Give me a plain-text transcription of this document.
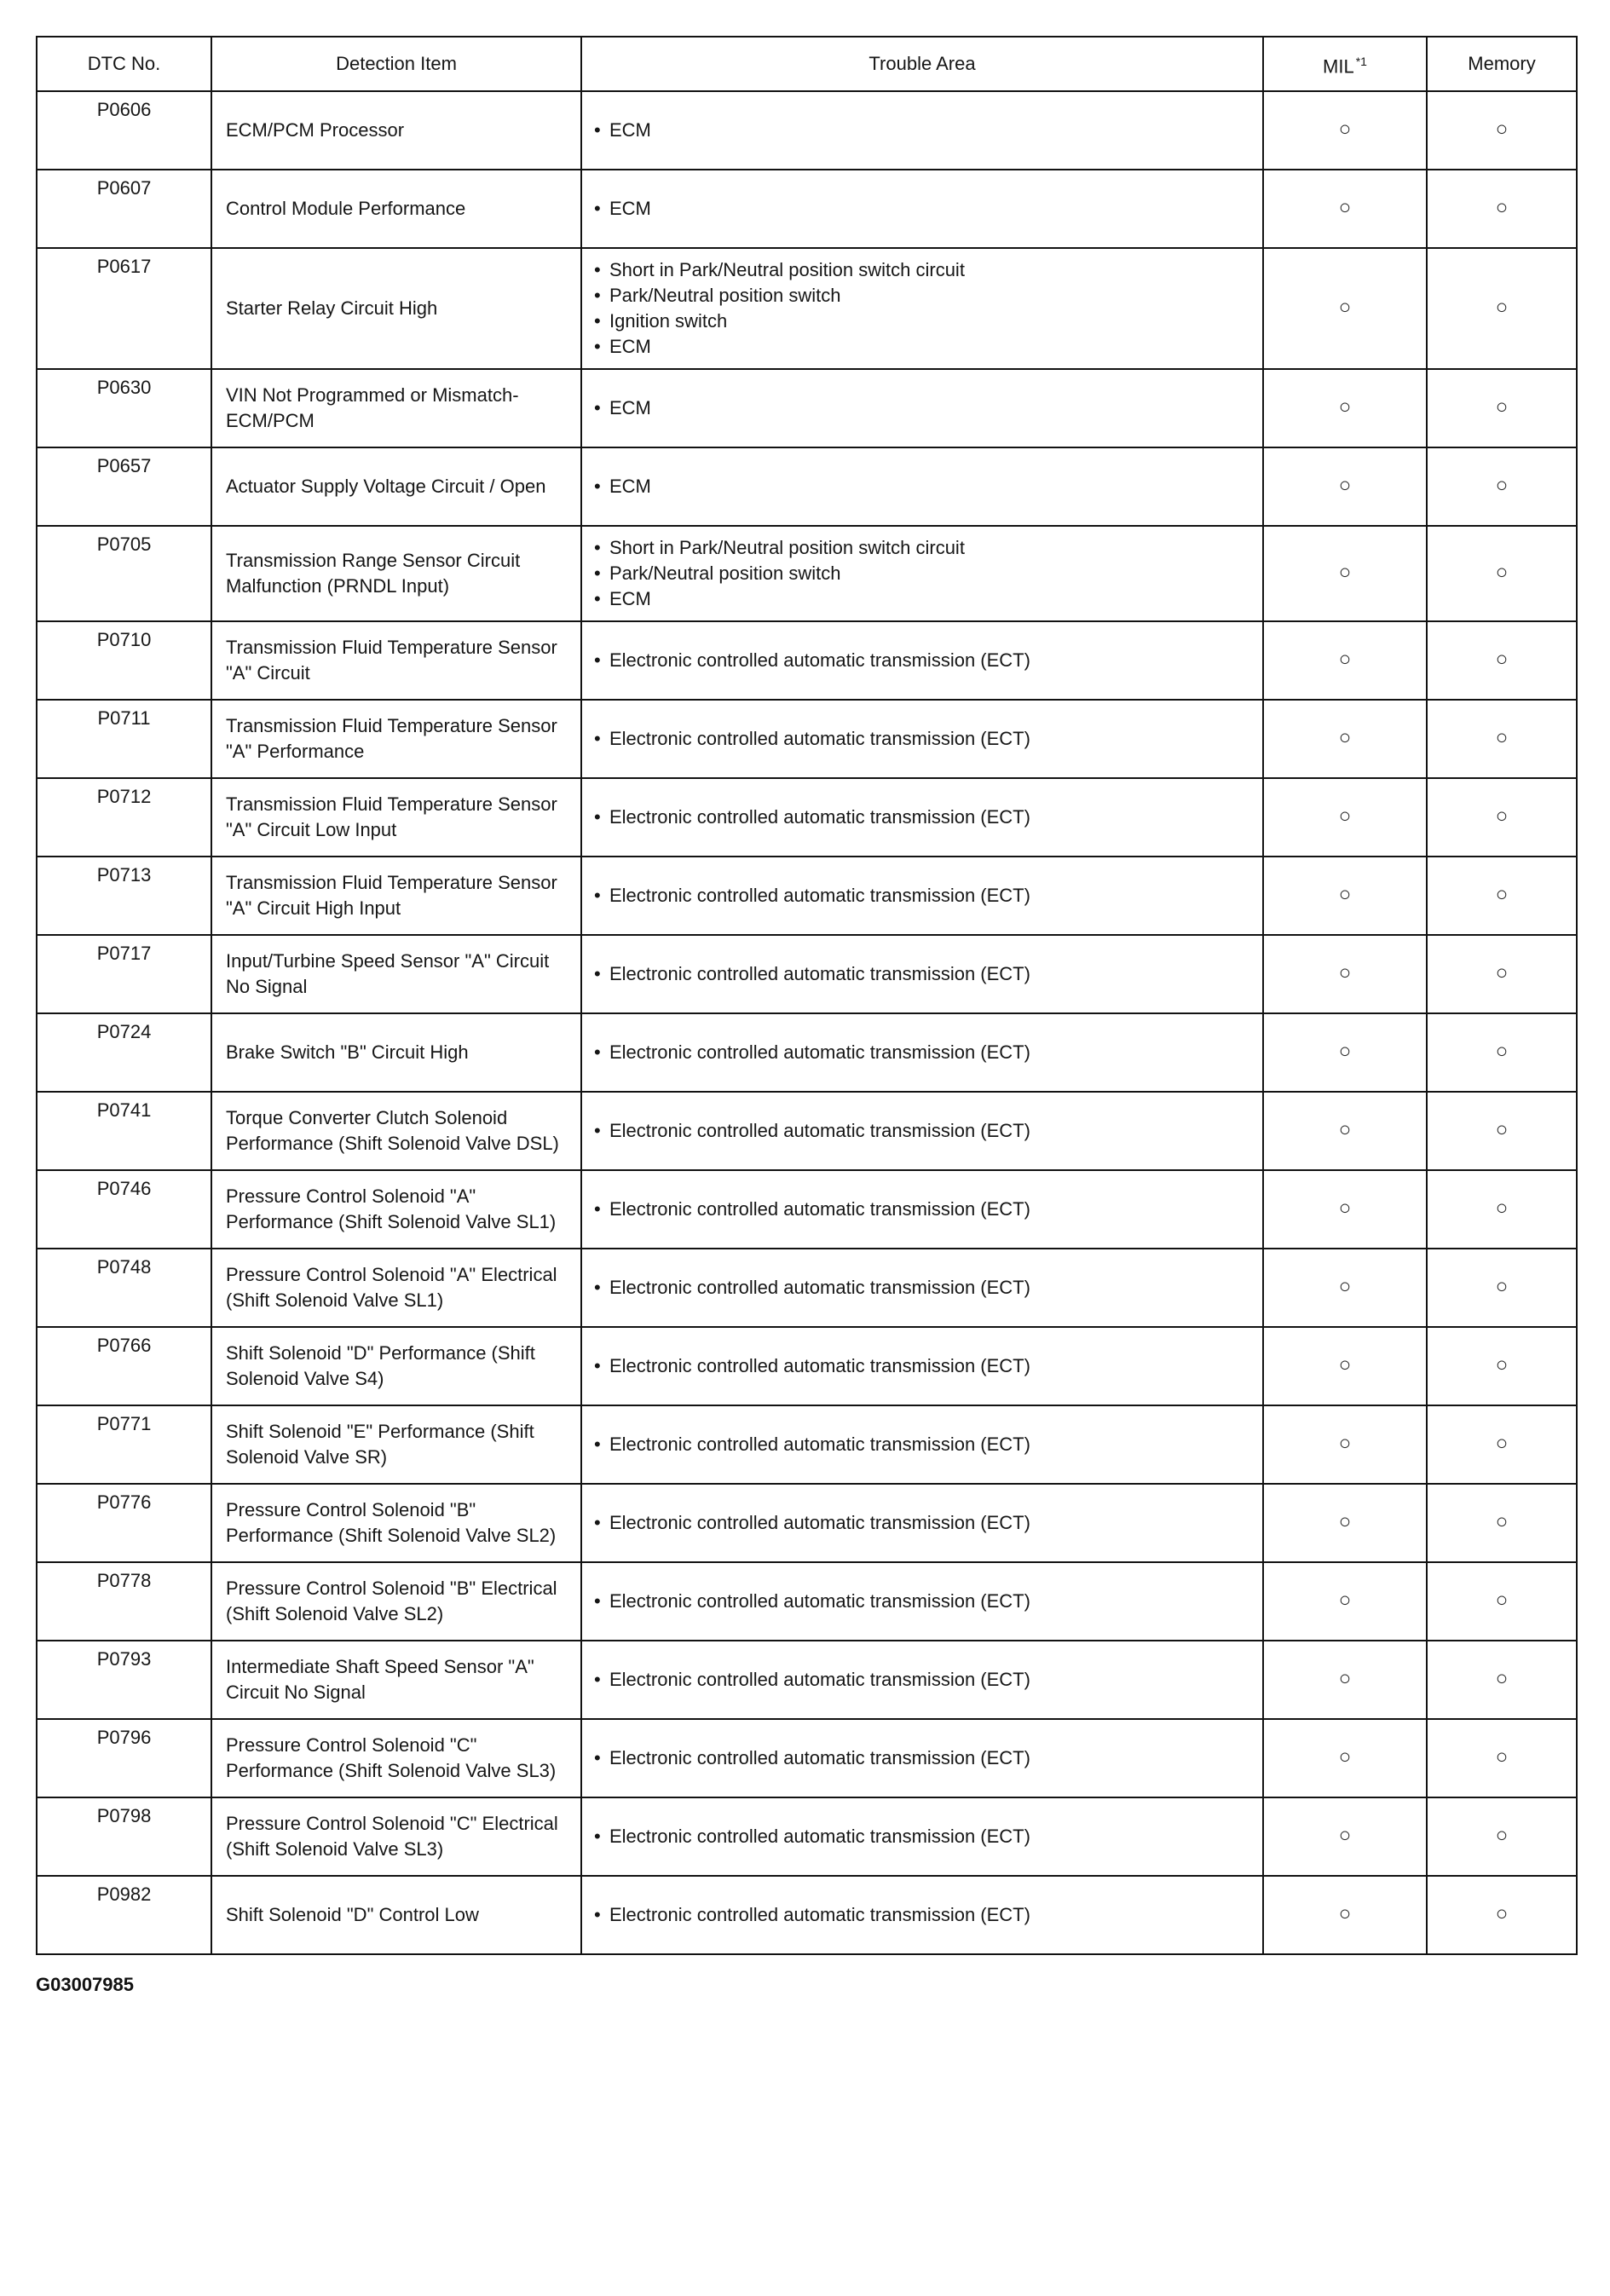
DTC No.	Detection Item	Trouble Area	MIL $^{*1}$	Memory
P0606	ECM/PCM Processor	• ECM	○	○
P0607	Control Module Performance	• ECM	○	○
P0617	Starter Relay Circuit High	• Short in Park/Neutral position switch circuit
• Park/Neutral position switch
• Ignition switch
• ECM	○	○
P0630	VIN Not Programmed or Mismatch- ECM/PCM	• ECM	○	○
P0657	Actuator Supply Voltage Circuit / Open	• ECM	○	○
P0705	Transmission Range Sensor Circuit Malfunction (PRNDL Input)	• Short in Park/Neutral position switch circuit
• Park/Neutral position switch
• ECM	○	○
P0710	Transmission Fluid Temperature Sensor "A" Circuit	• Electronic controlled automatic transmission (ECT)	○	○
P0711	Transmission Fluid Temperature Sensor "A" Performance	• Electronic controlled automatic transmission (ECT)	○	○
P0712	Transmission Fluid Temperature Sensor "A" Circuit Low Input	• Electronic controlled automatic transmission (ECT)	○	○
P0713	Transmission Fluid Temperature Sensor "A" Circuit High Input	• Electronic controlled automatic transmission (ECT)	○	○
P0717	Input/Turbine Speed Sensor "A" Circuit No Signal	• Electronic controlled automatic transmission (ECT)	○	○
P0724	Brake Switch "B" Circuit High	• Electronic controlled automatic transmission (ECT)	○	○
P0741	Torque Converter Clutch Solenoid Performance (Shift Solenoid Valve DSL)	• Electronic controlled automatic transmission (ECT)	○	○
P0746	Pressure Control Solenoid "A" Performance (Shift Solenoid Valve SL1)	• Electronic controlled automatic transmission (ECT)	○	○
P0748	Pressure Control Solenoid "A" Electrical (Shift Solenoid Valve SL1)	• Electronic controlled automatic transmission (ECT)	○	○
P0766	Shift Solenoid "D" Performance (Shift Solenoid Valve S4)	• Electronic controlled automatic transmission (ECT)	○	○
P0771	Shift Solenoid "E" Performance (Shift Solenoid Valve SR)	• Electronic controlled automatic transmission (ECT)	○	○
P0776	Pressure Control Solenoid "B" Performance (Shift Solenoid Valve SL2)	• Electronic controlled automatic transmission (ECT)	○	○
P0778	Pressure Control Solenoid "B" Electrical (Shift Solenoid Valve SL2)	• Electronic controlled automatic transmission (ECT)	○	○
P0793	Intermediate Shaft Speed Sensor "A" Circuit No Signal	• Electronic controlled automatic transmission (ECT)	○	○
P0796	Pressure Control Solenoid "C" Performance (Shift Solenoid Valve SL3)	• Electronic controlled automatic transmission (ECT)	○	○
P0798	Pressure Control Solenoid "C" Electrical (Shift Solenoid Valve SL3)	• Electronic controlled automatic transmission (ECT)	○	○
P0982	Shift Solenoid "D" Control Low	• Electronic controlled automatic transmission (ECT)	○	○
G03007985
